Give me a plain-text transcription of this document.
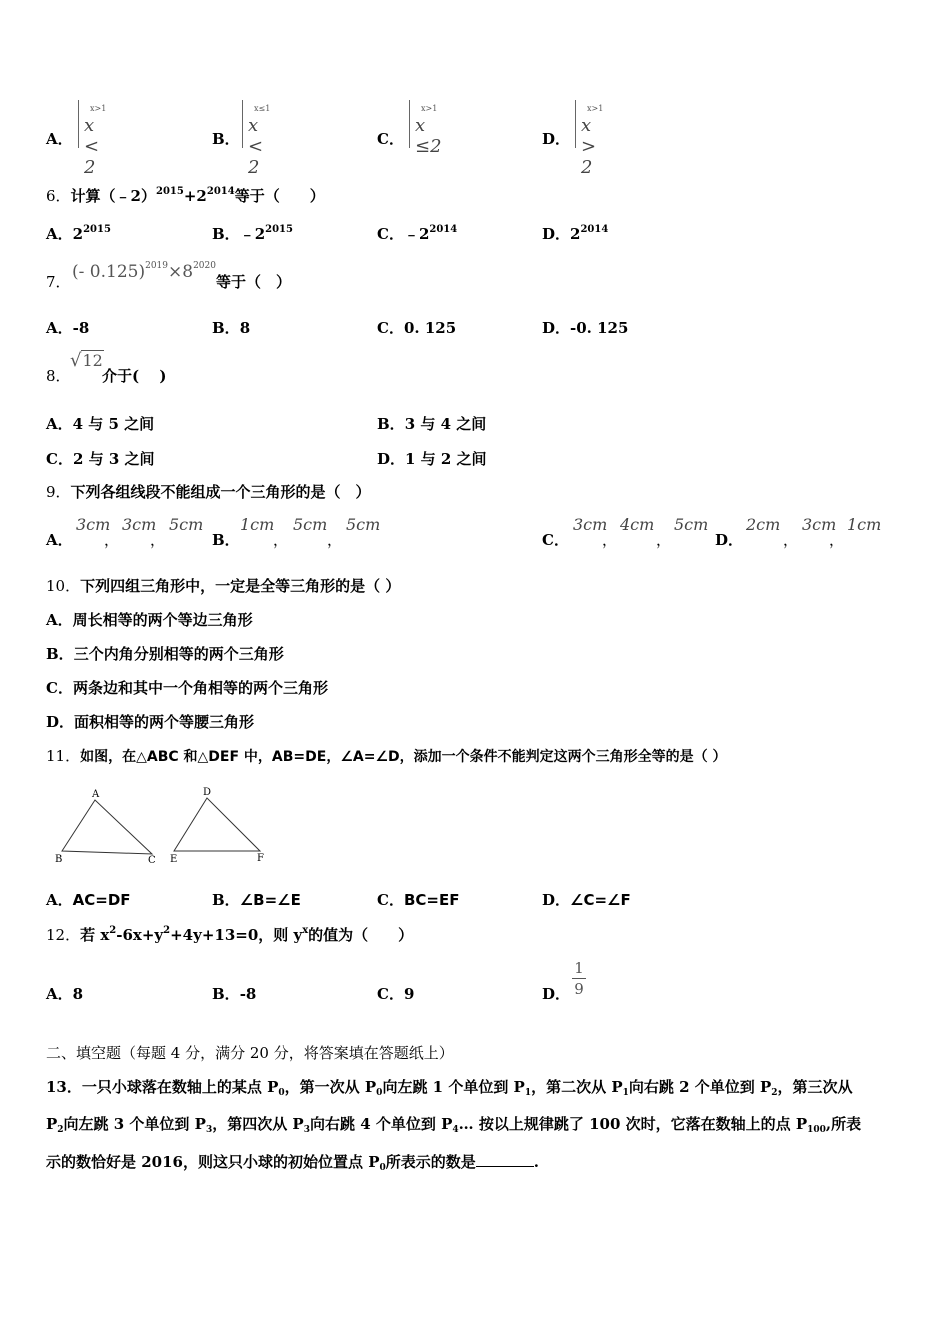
A．
x>1
x < 2
B．
x≤1
x < 2
C．
x>1
x ≤2	D．
x>1
x > 2
6．计算$(﹣2)^{2015}+2^{2014}$等于（　　）
A．$2^{2015}$	B．$﹣2^{2015}$	C．$﹣2^{2014}$	D．$2^{2014}$
7． (- $0.125)^{2019}\times 8^{2020}$
等于（　）
A．-8	B．8	C．0. 125	D．-0. 125
8．
√12
介于(　 )
A．4 与 5 之间	B．3 与 4 之间
C．2 与 3 之间	D．1 与 2 之间
9．下列各组线段不能组成一个三角形的是（　）
A．
3cm
，
3cm
，
5cm
B．
1cm
，
5cm
，
5cm
C．
3cm
，
4cm
，
5cm
D．
2cm
，
3cm
，
1cm
10．下列四组三角形中，一定是全等三角形的是（ ）
A．周长相等的两个等边三角形
B．三个内角分别相等的两个三角形
C．两条边和其中一个角相等的两个三角形
D．面积相等的两个等腰三角形
11．如图，在△ABC 和△DEF 中，AB=DE，∠A=∠D，添加一个条件不能判定这两个三角形全等的是（ ）
A
B	C
D
E	F
A．AC=DF	B．∠B=∠E	C．BC=EF	D．∠C=∠F
12．若 $x^2-6x+y^2+4y+13=0$，则 $y^x$的值为（　　）
A．8	B．-8	C．9	D．
1
9
二、填空题（每题 4 分，满分 20 分，将答案填在答题纸上）
13．一只小球落在数轴上的某点 $P_0$，第一次从 $P_0$向左跳 1 个单位到 $P_1$，第二次从 $P_1$向右跳 2 个单位到 $P_2$，第三次从
$P_2$向左跳 3 个单位到 $P_3$，第四次从 $P_3$向右跳 4 个单位到 $P_4\dots$ 按以上规律跳了 100 次时，它落在数轴上的点 $P_{100}$,所表
示的数恰好是 2016，则这只小球的初始位置点 $P_0$所表示的数是	.
